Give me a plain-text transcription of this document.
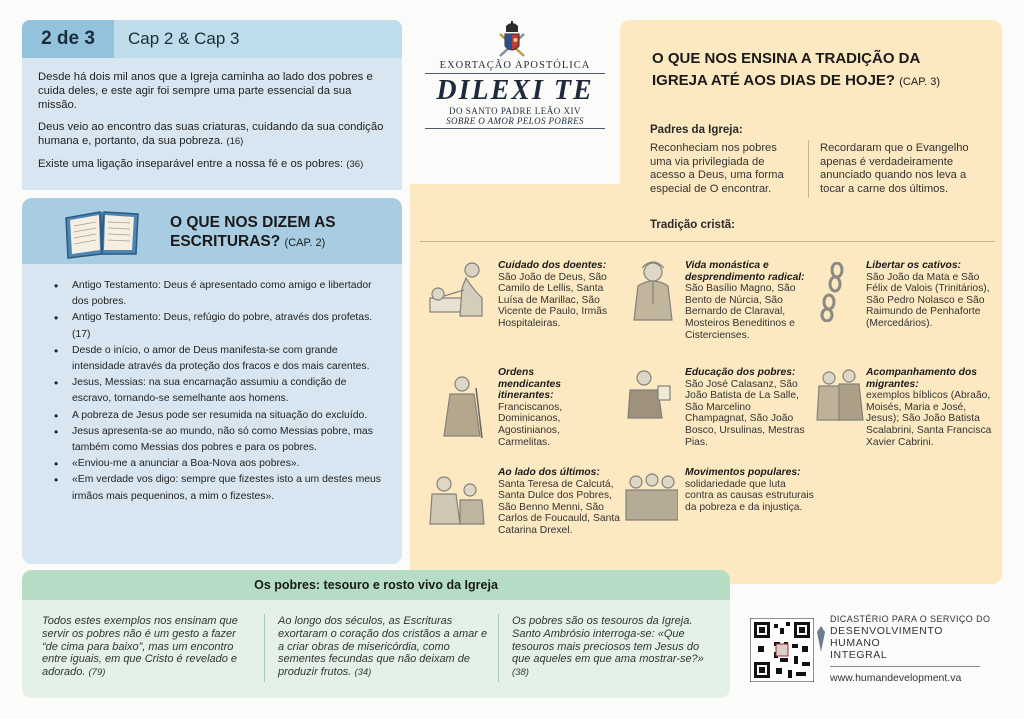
2 de 3	Cap 2 & Cap 3

Desde há dois mil anos que a Igreja caminha ao lado dos pobres e cuida deles, e este agir foi sempre uma parte essencial da sua missão.

Deus veio ao encontro das suas criaturas, cuidando da sua condição humana e, portanto, da sua pobreza. (16)

Existe uma ligação inseparável entre a nossa fé e os pobres: (36)

O QUE NOS DIZEM AS
ESCRITURAS? (CAP. 2)
• Antigo Testamento: Deus é apresentado como amigo e libertador dos pobres.
• Antigo Testamento: Deus, refúgio do pobre, através dos profetas. (17)
• Desde o início, o amor de Deus manifesta-se com grande intensidade através da proteção dos fracos e dos mais carentes.
• Jesus, Messias: na sua encarnação assumiu a condição de escravo, tornando-se semelhante aos homens.
• A pobreza de Jesus pode ser resumida na situação do excluído.
• Jesus apresenta-se ao mundo, não só como Messias pobre, mas também como Messias dos pobres e para os pobres.
• «Enviou-me a anunciar a Boa-Nova aos pobres».
• «Em verdade vos digo: sempre que fizestes isto a um destes meus irmãos mais pequeninos, a mim o fizestes».
EXORTAÇÃO APOSTÓLICA
DILEXI TE
DO SANTO PADRE LEÃO XIV
SOBRE O AMOR PELOS POBRES
O QUE NOS ENSINA A TRADIÇÃO DA
IGREJA ATÉ AOS DIAS DE HOJE? (CAP. 3)
Padres da Igreja:
Reconheciam nos pobres uma via privilegiada de acesso a Deus, uma forma especial de O encontrar.
Recordaram que o Evangelho apenas é verdadeiramente anunciado quando nos leva a tocar a carne dos últimos.
Tradição cristã:
Cuidado dos doentes:
São João de Deus, São Camilo de Lellis, Santa Luísa de Marillac, São Vicente de Paulo, Irmãs Hospitaleiras.
Vida monástica e desprendimento radical:
São Basílio Magno, São Bento de Núrcia, São Bernardo de Claraval, Mosteiros Beneditinos e Cistercienses.
Libertar os cativos:
São João da Mata e São Félix de Valois (Trinitários), São Pedro Nolasco e São Raimundo de Penhaforte (Mercedários).
Ordens mendicantes itinerantes:
Franciscanos, Dominicanos, Agostinianos, Carmelitas.
Educação dos pobres:
São José Calasanz, São João Batista de La Salle, São Marcelino Champagnat, São João Bosco, Ursulinas, Mestras Pias.
Acompanhamento dos migrantes:
exemplos bíblicos (Abraão, Moisés, Maria e José, Jesus); São João Batista Scalabrini, Santa Francisca Xavier Cabrini.
Ao lado dos últimos:
Santa Teresa de Calcutá, Santa Dulce dos Pobres, São Benno Menni, São Carlos de Foucauld, Santa Catarina Drexel.
Movimentos populares:
solidariedade que luta contra as causas estruturais da pobreza e da injustiça.
Os pobres: tesouro e rosto vivo da Igreja
Todos estes exemplos nos ensinam que servir os pobres não é um gesto a fazer “de cima para baixo”, mas um encontro entre iguais, em que Cristo é revelado e adorado. (79)
Ao longo dos séculos, as Escrituras exortaram o coração dos cristãos a amar e a criar obras de misericórdia, como sementes fecundas que não deixam de produzir frutos. (34)
Os pobres são os tesouros da Igreja. Santo Ambrósio interroga-se: «Que tesouros mais preciosos tem Jesus do que aqueles em que ama mostrar-se?» (38)
DICASTÉRIO PARA O SERVIÇO DO
DESENVOLVIMENTO
HUMANO
INTEGRAL
www.humandevelopment.va
